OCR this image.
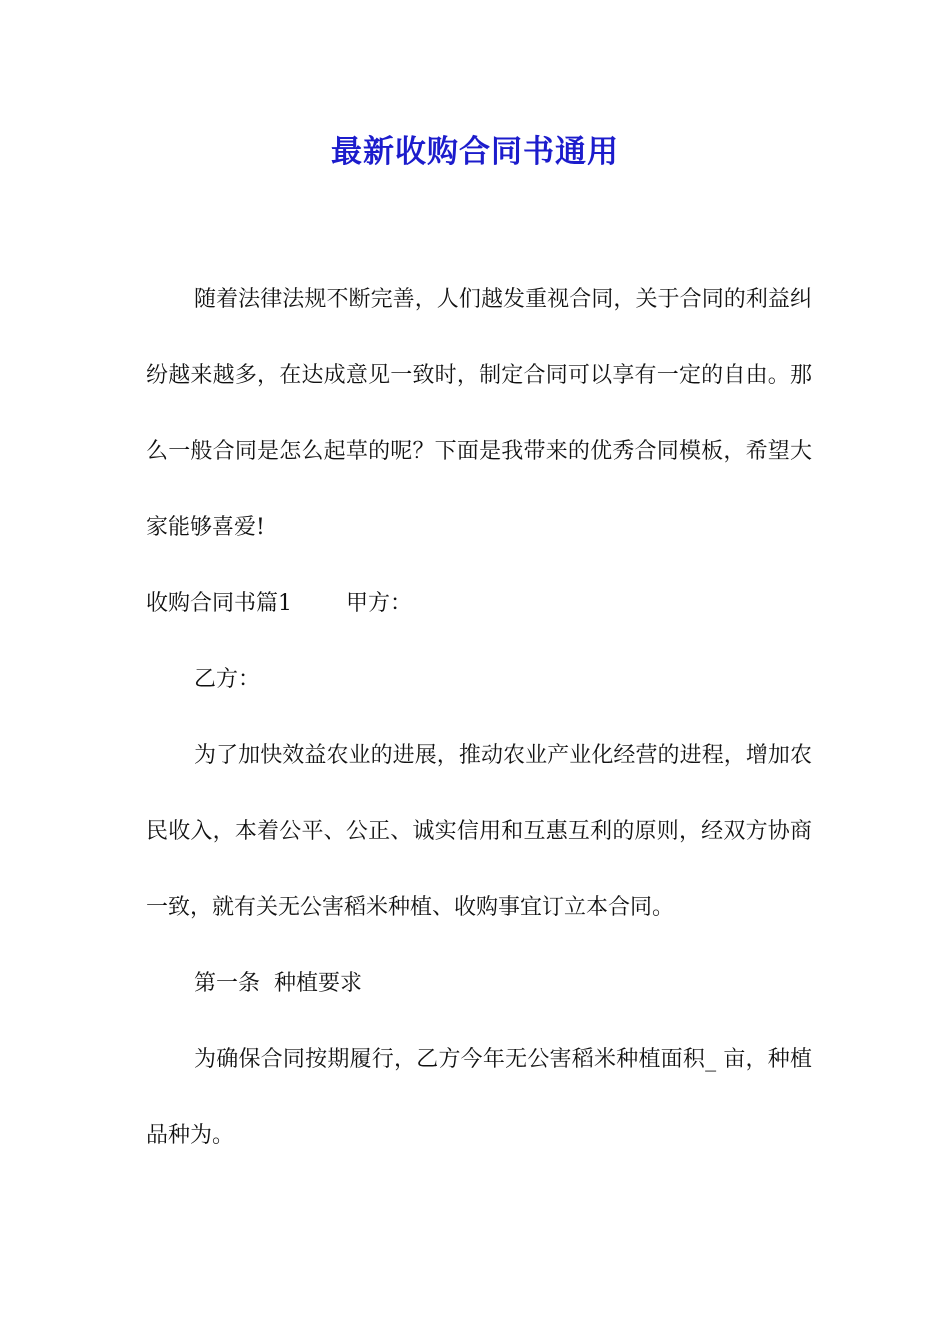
最新收购合同书通用

随着法律法规不断完善，人们越发重视合同，关于合同的利益纠纷越来越多，在达成意见一致时，制定合同可以享有一定的自由。那么一般合同是怎么起草的呢？下面是我带来的优秀合同模板，希望大家能够喜爱!

收购合同书篇1 甲方：

乙方：

为了加快效益农业的进展，推动农业产业化经营的进程，增加农民收入，本着公平、公正、诚实信用和互惠互利的原则，经双方协商一致，就有关无公害稻米种植、收购事宜订立本合同。

第一条  种植要求

为确保合同按期履行，乙方今年无公害稻米种植面积_ 亩，种植品种为。
